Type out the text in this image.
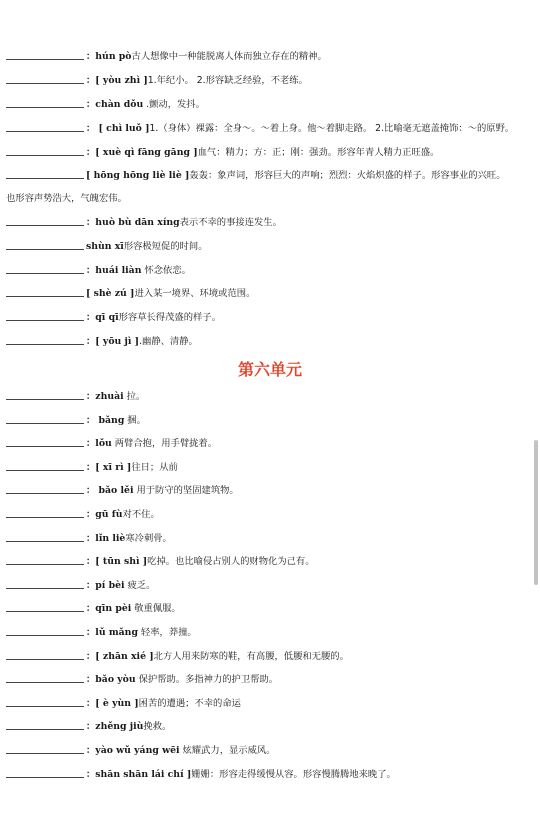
：hún pò古人想像中一种能脱离人体而独立存在的精神。
：[ yòu zhì ]1.年纪小。 2.形容缺乏经验，不老练。
：chàn dǒu .颤动，发抖。
： [ chì luǒ ]1.（身体）裸露：全身～。～着上身。他～着脚走路。 2.比喻毫无遮盖掩饰：～的原野。
：[ xuè qì fāng gāng ]血气：精力；方：正；刚：强劲。形容年青人精力正旺盛。
[ hōng hōng liè liè ]轰轰：象声词，形容巨大的声响；烈烈：火焰炽盛的样子。形容事业的兴旺。
也形容声势浩大，气魄宏伟。
：huò bù dān xíng表示不幸的事接连发生。
shùn xī形容极短促的时间。
：huái liàn 怀念依恋。
[ shè zú ]进入某一境界、环境或范围。
：qī qī形容草长得茂盛的样子。
：[ yōu jì ].幽静、清静。
：zhuài 拉。
： bǎng 捆。
：lǒu 两臂合抱，用手臂拢着。
：[ xī rì ]往日；从前
： bǎo lěi 用于防守的坚固建筑物。
：gū fù对不住。
：lǐn liè寒冷刺骨。
：[ tūn shì ]吃掉。也比喻侵占别人的财物化为己有。
：pí bèi 疲乏。
：qīn pèi 敬重佩服。
：lǔ mǎng 轻率，莽撞。
：[ zhān xié ]北方人用来防寒的鞋，有高腰，低腰和无腰的。
：bǎo yòu 保护帮助。多指神力的护卫帮助。
：[ è yùn ]困苦的遭遇；不幸的命运
：zhěng jiù挽救。
：yào wǔ yáng wēi 炫耀武力，显示威风。
：shān shān lái chí ]姗姗：形容走得缓慢从容。形容慢腾腾地来晚了。
第六单元
